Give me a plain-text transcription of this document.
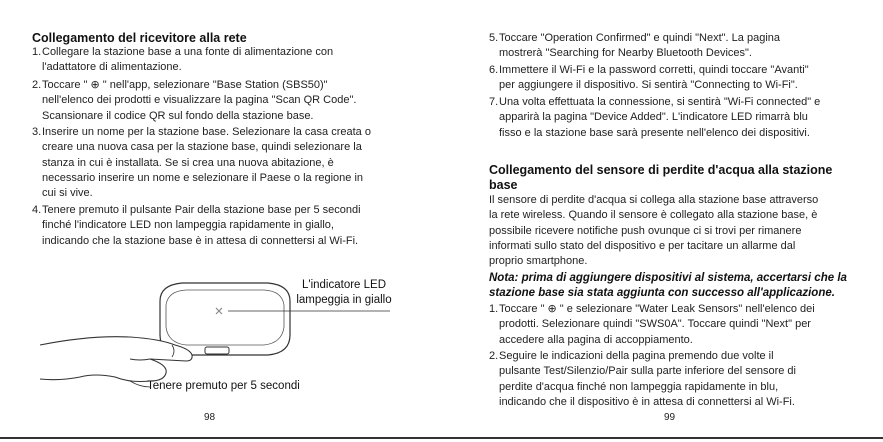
Collegamento del ricevitore alla rete
1. Collegare la stazione base a una fonte di alimentazione con
l'adattatore di alimentazione.
2. Toccare " ⊕ " nell'app, selezionare "Base Station (SBS50)"
nell'elenco dei prodotti e visualizzare la pagina "Scan QR Code".
Scansionare il codice QR sul fondo della stazione base.
3. Inserire un nome per la stazione base. Selezionare la casa creata o
creare una nuova casa per la stazione base, quindi selezionare la
stanza in cui è installata. Se si crea una nuova abitazione, è
necessario inserire un nome e selezionare il Paese o la regione in
cui si vive.
4. Tenere premuto il pulsante Pair della stazione base per 5 secondi
finché l'indicatore LED non lampeggia rapidamente in giallo,
indicando che la stazione base è in attesa di connettersi al Wi-Fi.
L'indicatore LED
lampeggia in giallo
Tenere premuto per 5 secondi
98
5. Toccare "Operation Confirmed" e quindi "Next". La pagina
mostrerà "Searching for Nearby Bluetooth Devices".
6. Immettere il Wi-Fi e la password corretti, quindi toccare "Avanti"
per aggiungere il dispositivo. Si sentirà "Connecting to Wi-Fi".
7. Una volta effettuata la connessione, si sentirà "Wi-Fi connected" e
apparirà la pagina "Device Added". L'indicatore LED rimarrà blu
fisso e la stazione base sarà presente nell'elenco dei dispositivi.
Collegamento del sensore di perdite d'acqua alla stazione
base
Il sensore di perdite d'acqua si collega alla stazione base attraverso
la rete wireless. Quando il sensore è collegato alla stazione base, è
possibile ricevere notifiche push ovunque ci si trovi per rimanere
informati sullo stato del dispositivo e per tacitare un allarme dal
proprio smartphone.
Nota: prima di aggiungere dispositivi al sistema, accertarsi che la
stazione base sia stata aggiunta con successo all'applicazione.
1. Toccare " ⊕ " e selezionare "Water Leak Sensors" nell'elenco dei
prodotti. Selezionare quindi "SWS0A". Toccare quindi "Next" per
accedere alla pagina di accoppiamento.
2. Seguire le indicazioni della pagina premendo due volte il
pulsante Test/Silenzio/Pair sulla parte inferiore del sensore di
perdite d'acqua finché non lampeggia rapidamente in blu,
indicando che il dispositivo è in attesa di connettersi al Wi-Fi.
99
